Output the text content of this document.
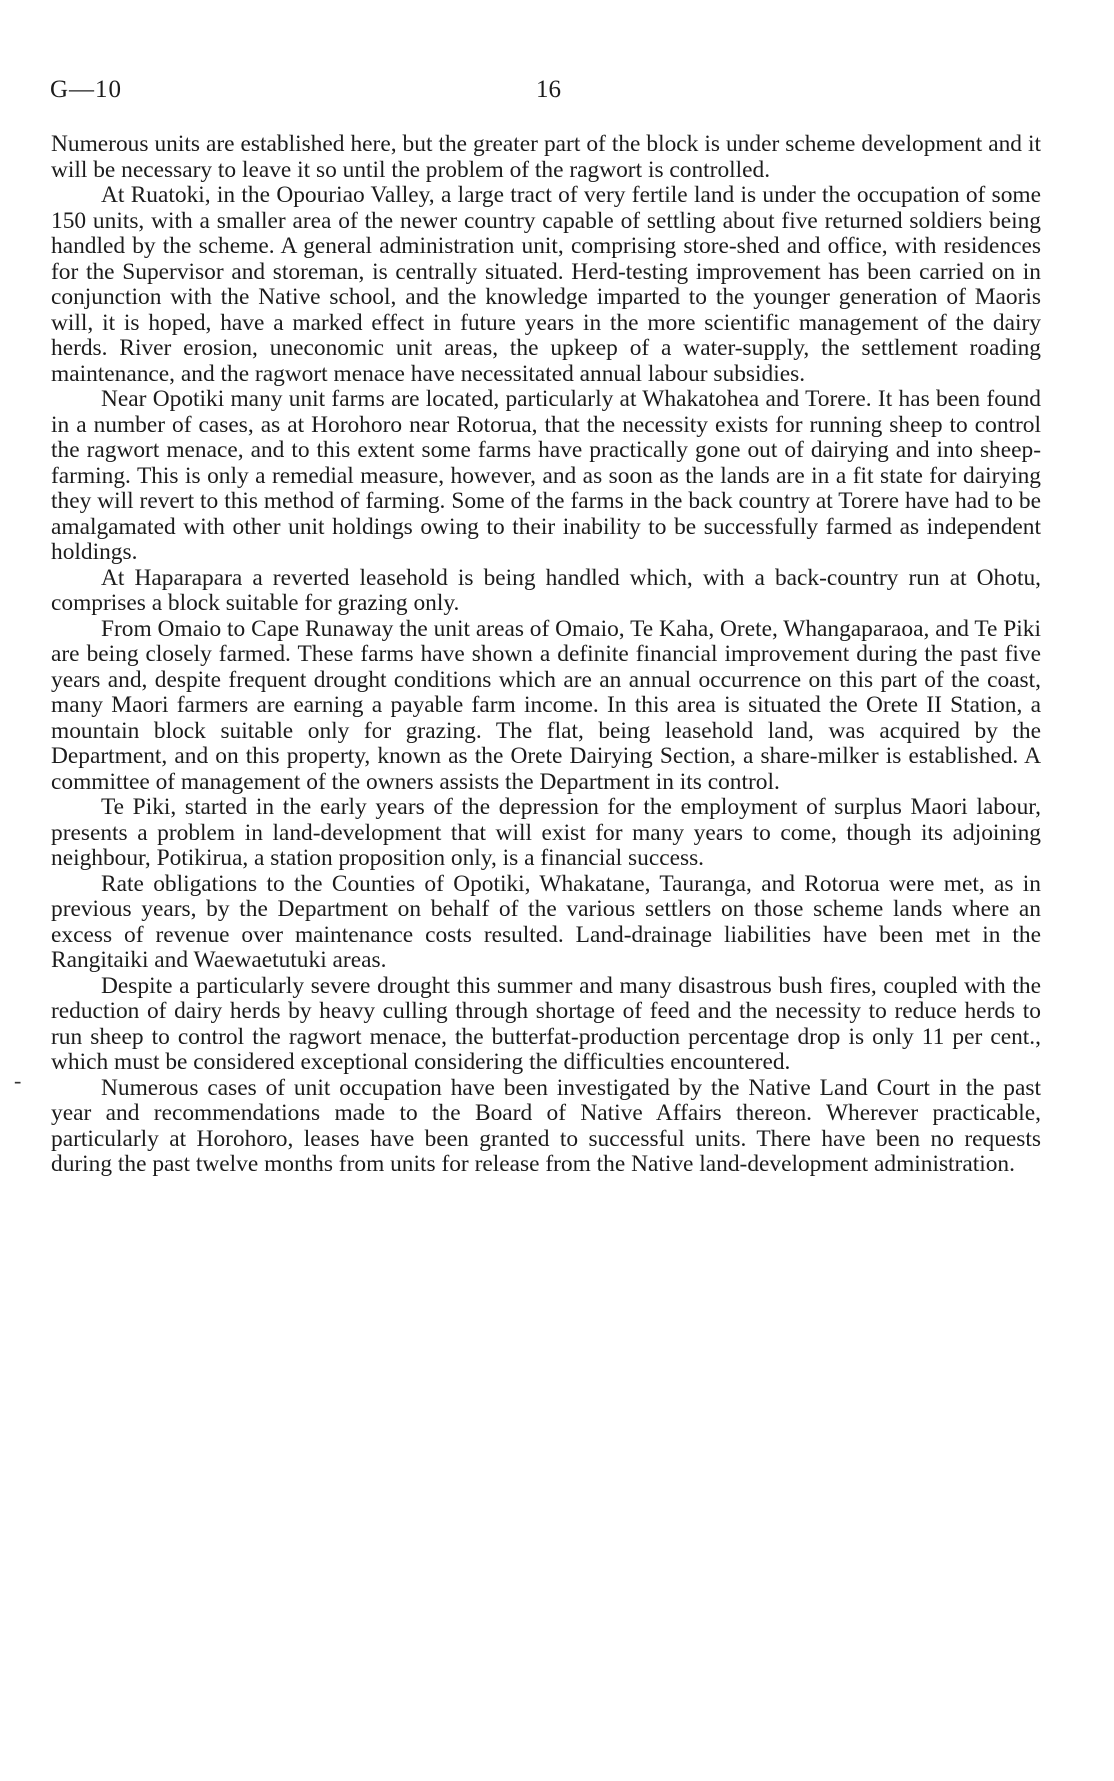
G—10	16

Numerous units are established here, but the greater part of the block is under scheme development and it will be necessary to leave it so until the problem of the ragwort is controlled.

At Ruatoki, in the Opouriao Valley, a large tract of very fertile land is under the occupation of some 150 units, with a smaller area of the newer country capable of settling about five returned soldiers being handled by the scheme. A general administration unit, comprising store-shed and office, with residences for the Supervisor and storeman, is centrally situated. Herd-testing improvement has been carried on in conjunction with the Native school, and the knowledge imparted to the younger generation of Maoris will, it is hoped, have a marked effect in future years in the more scientific management of the dairy herds. River erosion, uneconomic unit areas, the upkeep of a water-supply, the settlement roading maintenance, and the ragwort menace have necessitated annual labour subsidies.

Near Opotiki many unit farms are located, particularly at Whakatohea and Torere. It has been found in a number of cases, as at Horohoro near Rotorua, that the necessity exists for running sheep to control the ragwort menace, and to this extent some farms have practically gone out of dairying and into sheep-farming. This is only a remedial measure, however, and as soon as the lands are in a fit state for dairying they will revert to this method of farming. Some of the farms in the back country at Torere have had to be amalgamated with other unit holdings owing to their inability to be successfully farmed as independent holdings.

At Haparapara a reverted leasehold is being handled which, with a back-country run at Ohotu, comprises a block suitable for grazing only.

From Omaio to Cape Runaway the unit areas of Omaio, Te Kaha, Orete, Whangaparaoa, and Te Piki are being closely farmed. These farms have shown a definite financial improvement during the past five years and, despite frequent drought conditions which are an annual occurrence on this part of the coast, many Maori farmers are earning a payable farm income. In this area is situated the Orete II Station, a mountain block suitable only for grazing. The flat, being leasehold land, was acquired by the Department, and on this property, known as the Orete Dairying Section, a share-milker is established. A committee of management of the owners assists the Department in its control.

Te Piki, started in the early years of the depression for the employment of surplus Maori labour, presents a problem in land-development that will exist for many years to come, though its adjoining neighbour, Potikirua, a station proposition only, is a financial success.

Rate obligations to the Counties of Opotiki, Whakatane, Tauranga, and Rotorua were met, as in previous years, by the Department on behalf of the various settlers on those scheme lands where an excess of revenue over maintenance costs resulted. Land-drainage liabilities have been met in the Rangitaiki and Waewaetutuki areas.

Despite a particularly severe drought this summer and many disastrous bush fires, coupled with the reduction of dairy herds by heavy culling through shortage of feed and the necessity to reduce herds to run sheep to control the ragwort menace, the butterfat-production percentage drop is only 11 per cent., which must be considered exceptional considering the difficulties encountered.

Numerous cases of unit occupation have been investigated by the Native Land Court in the past year and recommendations made to the Board of Native Affairs thereon. Wherever practicable, particularly at Horohoro, leases have been granted to successful units. There have been no requests during the past twelve months from units for release from the Native land-development administration.

-
